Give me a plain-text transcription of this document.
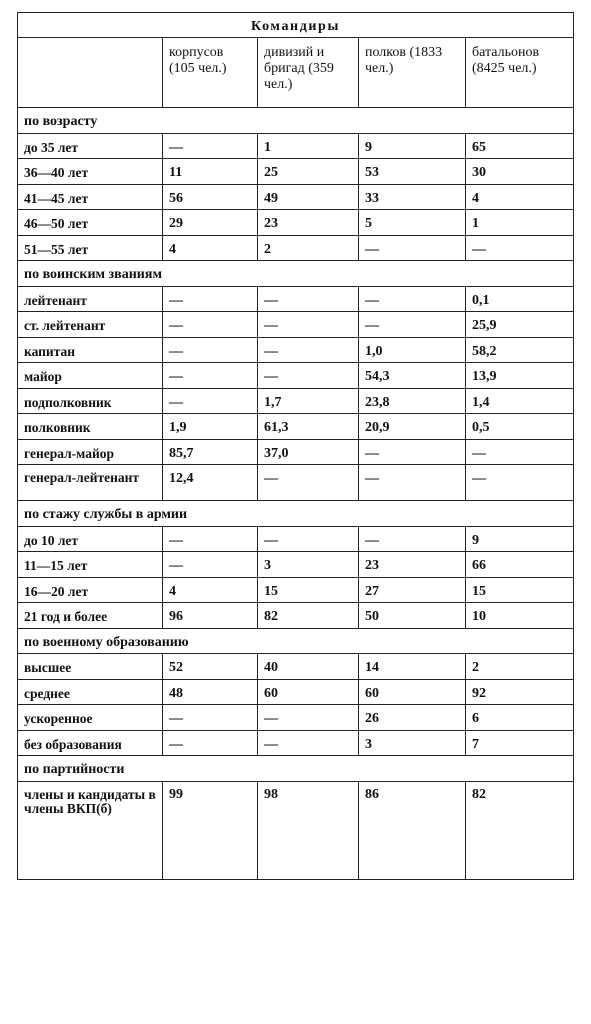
Командиры				
	корпусов (105 чел.)	дивизий и бригад (359 чел.)	полков (1833 чел.)	батальонов (8425 чел.)
по возрасту				
до 35 лет	—	1	9	65
36—40 лет	11	25	53	30
41—45 лет	56	49	33	4
46—50 лет	29	23	5	1
51—55 лет	4	2	—	—
по воинским званиям				
лейтенант	—	—	—	0,1
ст. лейтенант	—	—	—	25,9
капитан	—	—	1,0	58,2
майор	—	—	54,3	13,9
подполковник	—	1,7	23,8	1,4
полковник	1,9	61,3	20,9	0,5
генерал-майор	85,7	37,0	—	—
генерал-лейтенант	12,4	—	—	—
по стажу службы в армии				
до 10 лет	—	—	—	9
11—15 лет	—	3	23	66
16—20 лет	4	15	27	15
21 год и более	96	82	50	10
по военному образованию				
высшее	52	40	14	2
среднее	48	60	60	92
ускоренное	—	—	26	6
без образования	—	—	3	7
по партийности				
члены и кандидаты в члены ВКП(б)	99	98	86	82
